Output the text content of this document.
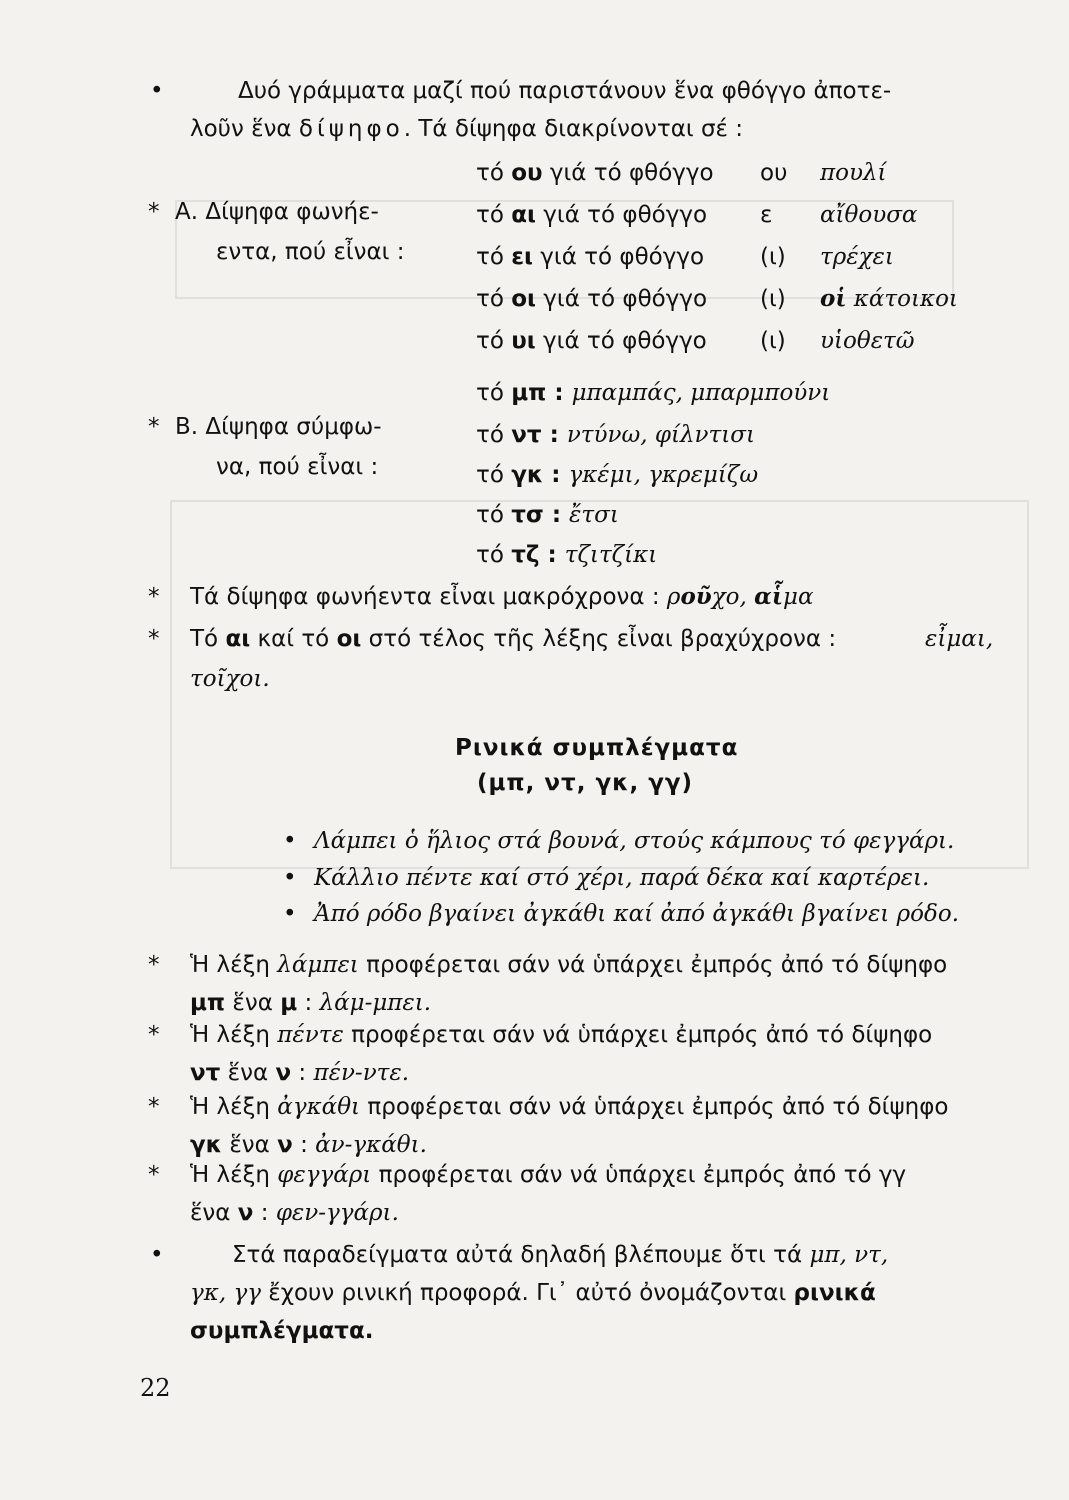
•	Δυό γράμματα μαζί πού παριστάνουν ἕνα φθόγγο ἀποτε-
λοῦν ἕνα δίψηφο. Τά δίψηφα διακρίνονται σέ :
* Α. Δίψηφα φωνήε-
εντα, πού εἶναι :
τό ου γιά τό φθόγγο ου πουλί
τό αι γιά τό φθόγγο ε αἴθουσα
τό ει γιά τό φθόγγο (ι) τρέχει
τό οι γιά τό φθόγγο (ι) οἱ κάτοικοι
τό υι γιά τό φθόγγο (ι) υἱοθετῶ
* Β. Δίψηφα σύμφω-
να, πού εἶναι :
τό μπ : μπαμπάς, μπαρμπούνι
τό ντ : ντύνω, φίλντισι
τό γκ : γκέμι, γκρεμίζω
τό τσ : ἔτσι
τό τζ : τζιτζίκι
* Τά δίψηφα φωνήεντα εἶναι μακρόχρονα : ροῦχο, αἷμα
* Τό αι καί τό οι στό τέλος τῆς λέξης εἶναι βραχύχρονα :	εἶμαι,
τοῖχοι.
Ρινικά συμπλέγματα
(μπ, ντ, γκ, γγ)
• Λάμπει ὁ ἥλιος στά βουνά, στούς κάμπους τό φεγγάρι.
• Κάλλιο πέντε καί στό χέρι, παρά δέκα καί καρτέρει.
• Ἀπό ρόδο βγαίνει ἀγκάθι καί ἀπό ἀγκάθι βγαίνει ρόδο.
* Ἡ λέξη λάμπει προφέρεται σάν νά ὑπάρχει ἐμπρός ἀπό τό δίψηφο
μπ ἕνα μ : λάμ-μπει.
* Ἡ λέξη πέντε προφέρεται σάν νά ὑπάρχει ἐμπρός ἀπό τό δίψηφο
ντ ἕνα ν : πέν-ντε.
* Ἡ λέξη ἀγκάθι προφέρεται σάν νά ὑπάρχει ἐμπρός ἀπό τό δίψηφο
γκ ἕνα ν : ἀν-γκάθι.
* Ἡ λέξη φεγγάρι προφέρεται σάν νά ὑπάρχει ἐμπρός ἀπό τό γγ
ἕνα ν : φεν-γγάρι.
•	Στά παραδείγματα αὐτά δηλαδή βλέπουμε ὅτι τά μπ, ντ,
γκ, γγ ἔχουν ρινική προφορά. Γι᾿ αὐτό ὀνομάζονται ρινικά
συμπλέγματα.
22
